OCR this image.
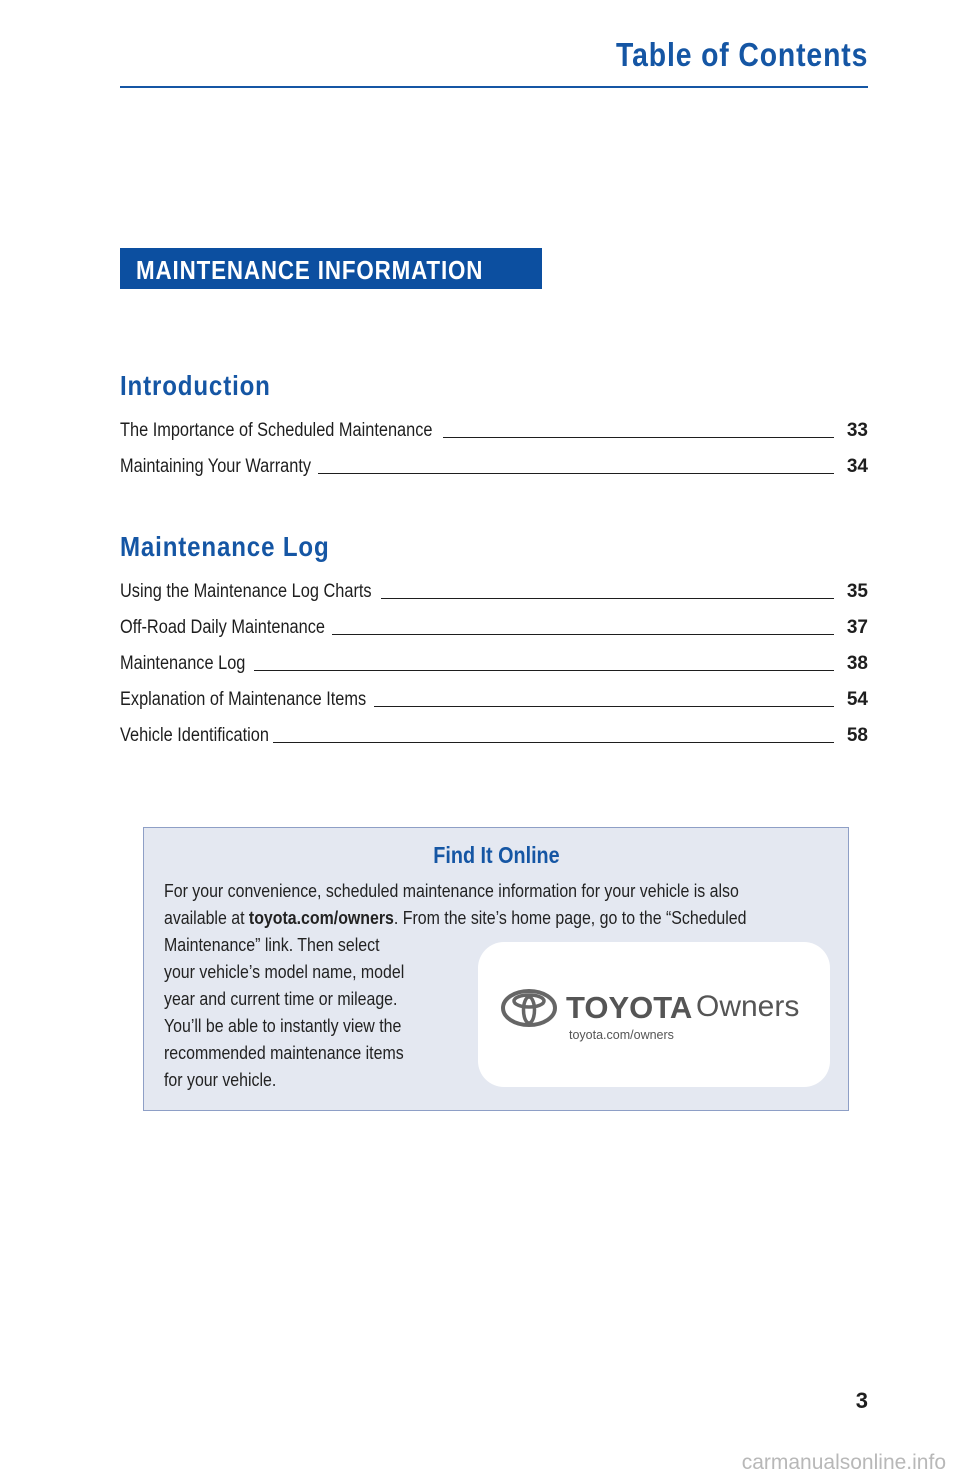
Table of Contents
MAINTENANCE INFORMATION
Introduction
The Importance of Scheduled Maintenance	33
Maintaining Your Warranty	34
Maintenance Log
Using the Maintenance Log Charts	35
Off-Road Daily Maintenance	37
Maintenance Log	38
Explanation of Maintenance Items	54
Vehicle Identification	58
Find It Online
For your convenience, scheduled maintenance information for your vehicle is also
available at toyota.com/owners. From the site’s home page, go to the “Scheduled
Maintenance” link. Then select
your vehicle’s model name, model
year and current time or mileage.
You’ll be able to instantly view the
recommended maintenance items
for your vehicle.
TOYOTA Owners
toyota.com/owners
3
carmanualsonline.info
